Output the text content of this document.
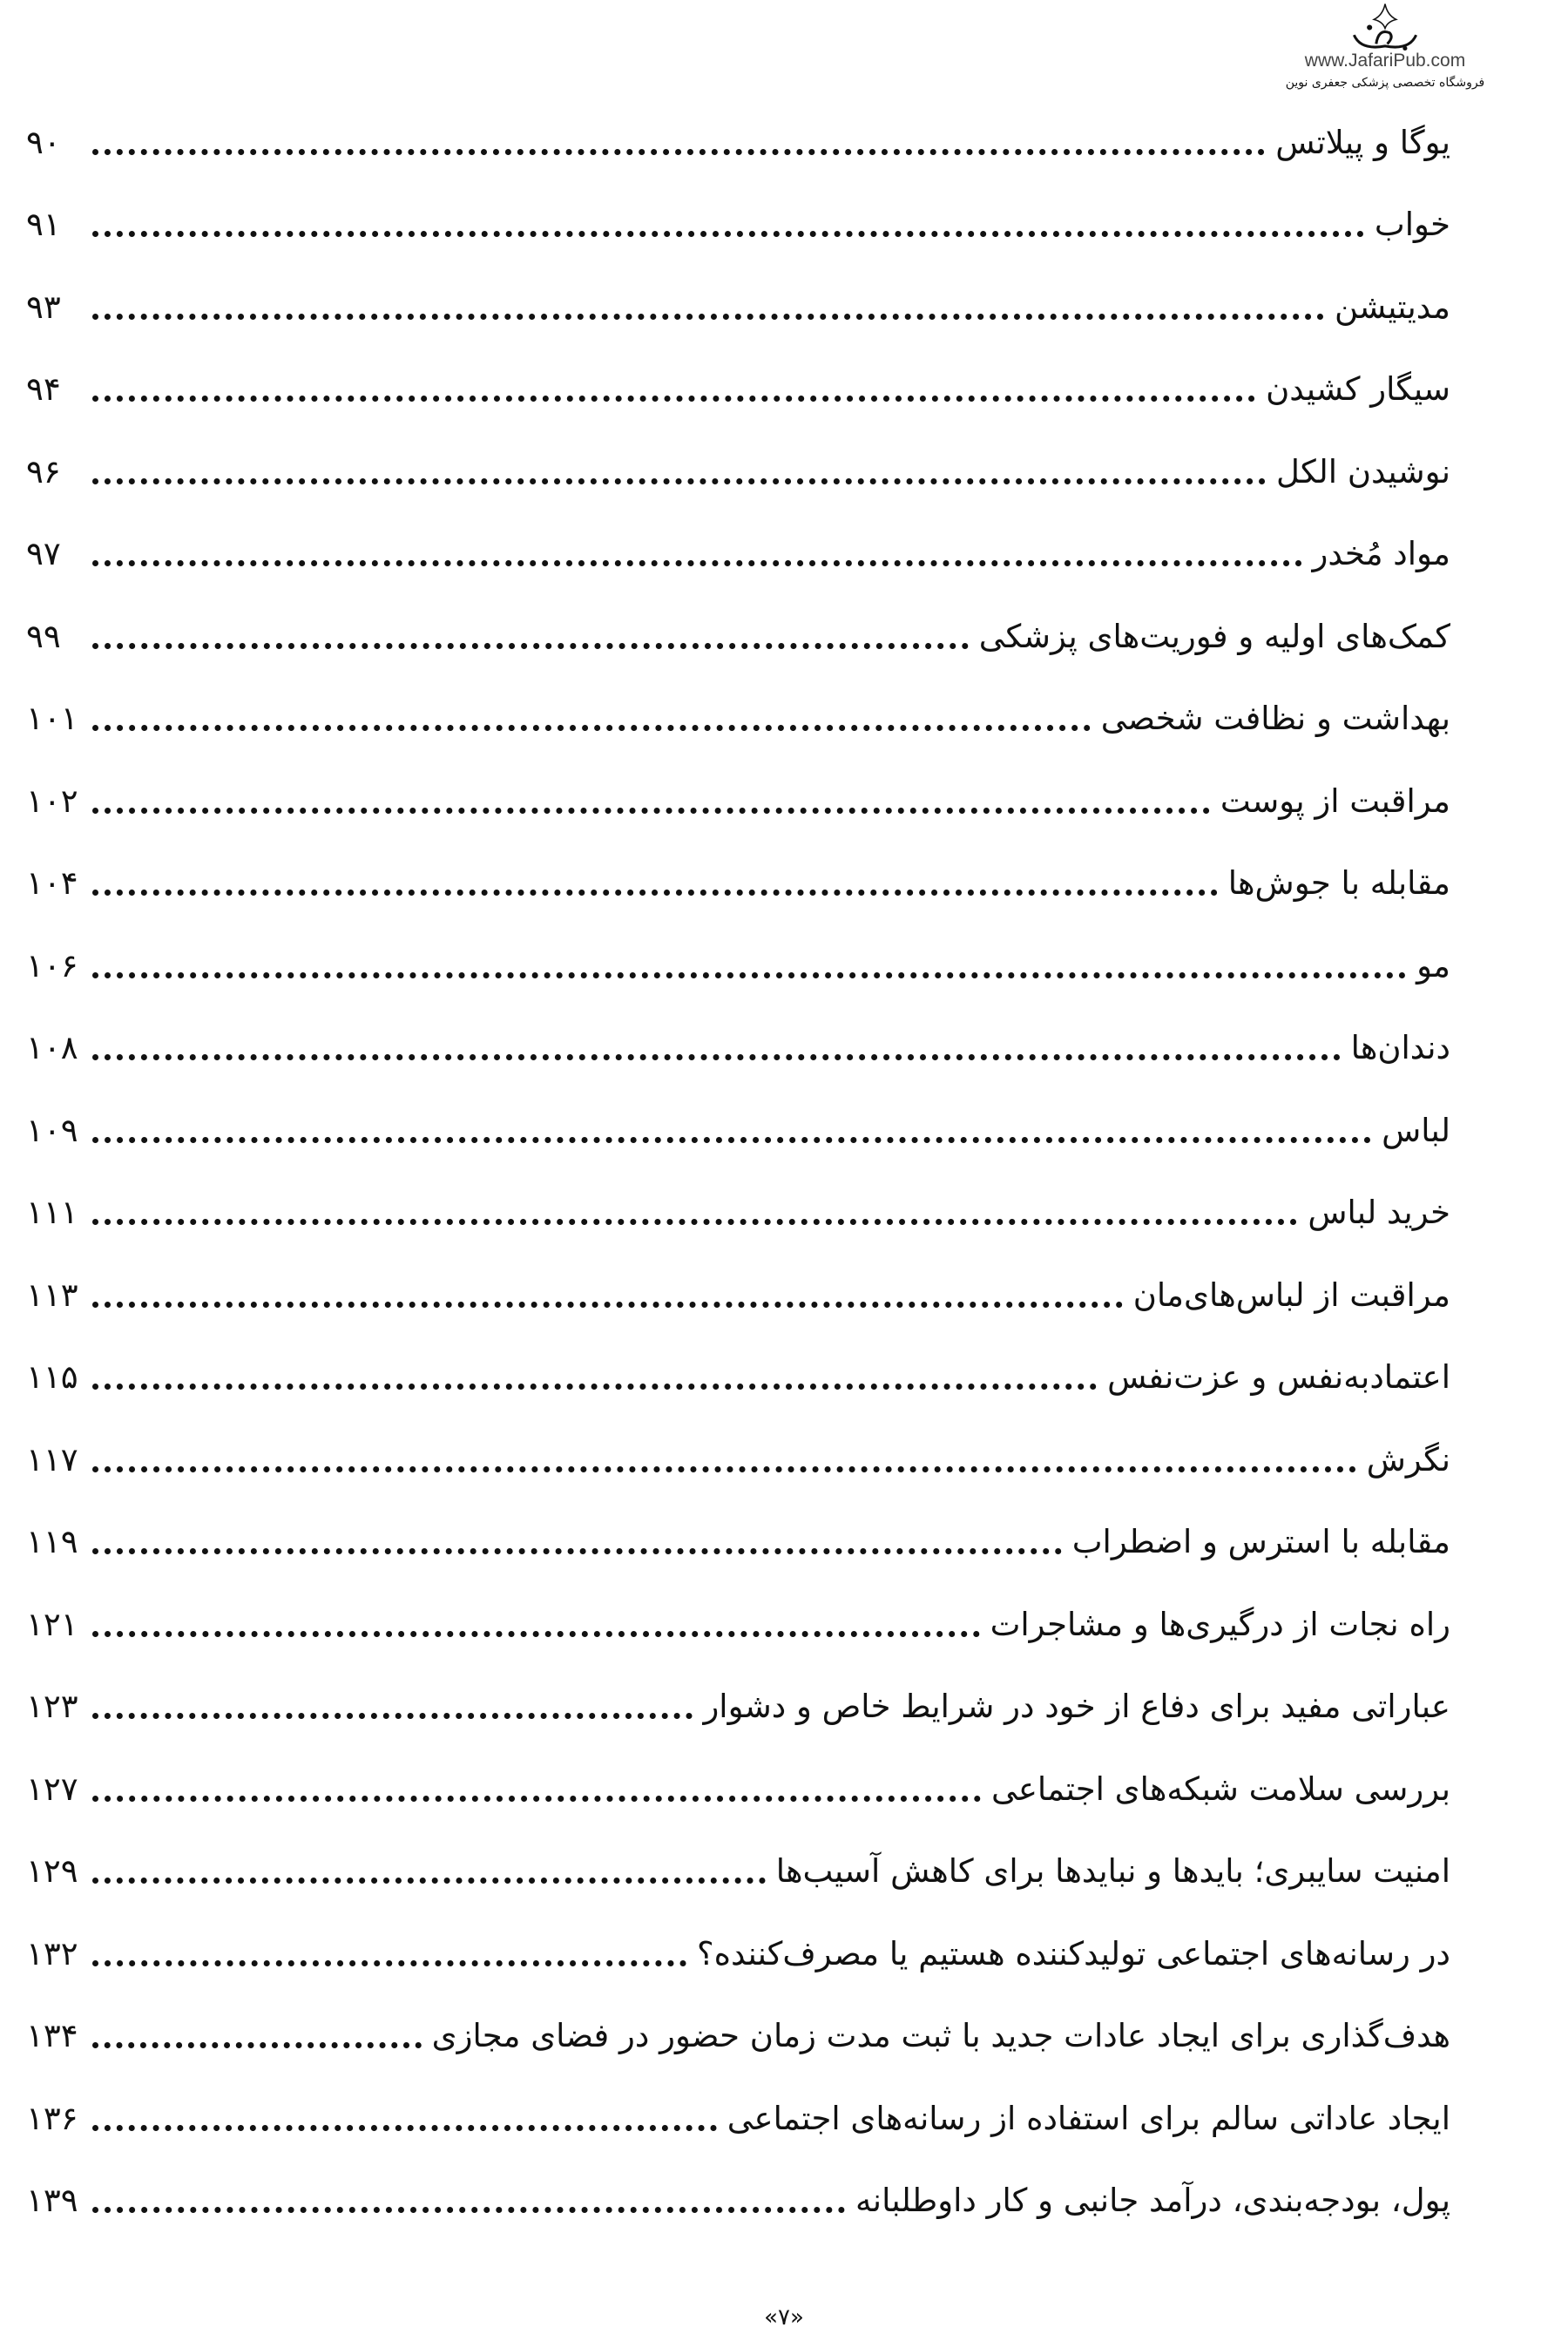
www.JafariPub.com
فروشگاه تخصصی پزشکی جعفری نوین
یوگا و پیلاتس
۹۰
خواب
۹۱
مدیتیشن
۹۳
سیگار کشیدن
۹۴
نوشیدن الکل
۹۶
مواد مُخدر
۹۷
کمک‌های اولیه و فوریت‌های پزشکی
۹۹
بهداشت و نظافت شخصی
۱۰۱
مراقبت از پوست
۱۰۲
مقابله با جوش‌ها
۱۰۴
مو
۱۰۶
دندان‌ها
۱۰۸
لباس
۱۰۹
خرید لباس
۱۱۱
مراقبت از لباس‌های‌مان
۱۱۳
اعتمادبه‌نفس و عزت‌نفس
۱۱۵
نگرش
۱۱۷
مقابله با استرس و اضطراب
۱۱۹
راه نجات از درگیری‌ها و مشاجرات
۱۲۱
عباراتی مفید برای دفاع از خود در شرایط خاص و دشوار
۱۲۳
بررسی سلامت شبکه‌های اجتماعی
۱۲۷
امنیت سایبری؛ بایدها و نبایدها برای کاهش آسیب‌ها
۱۲۹
در رسانه‌های اجتماعی تولیدکننده هستیم یا مصرف‌کننده؟
۱۳۲
هدف‌گذاری برای ایجاد عادات جدید با ثبت مدت زمان حضور در فضای مجازی
۱۳۴
ایجاد عاداتی سالم برای استفاده از رسانه‌های اجتماعی
۱۳۶
پول، بودجه‌بندی، درآمد جانبی و کار داوطلبانه
۱۳۹
«۷»
